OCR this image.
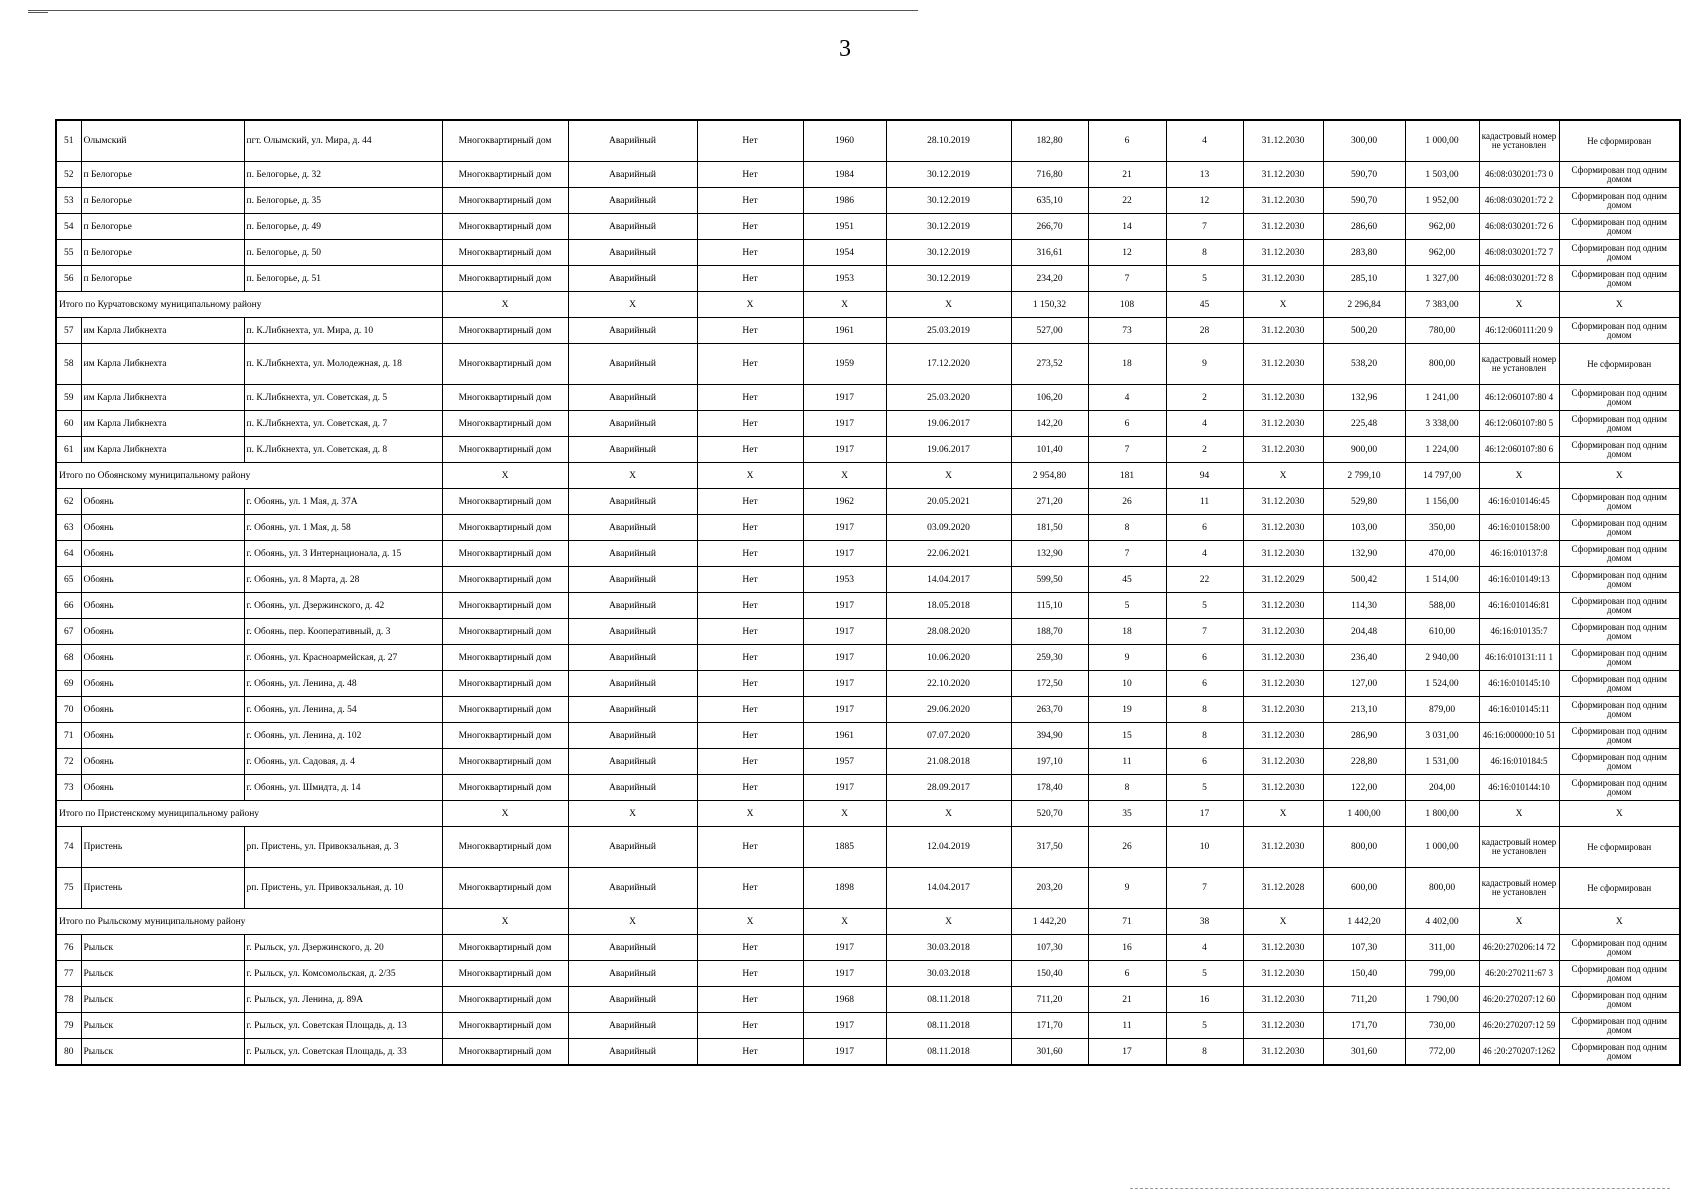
3
51	Олымский	пгт. Олымский, ул. Мира, д. 44	Многоквартирный дом	Аварийный	Нет	1960	28.10.2019	182,80	6	4	31.12.2030	300,00	1 000,00	кадастровый номер не установлен	Не сформирован
52	п Белогорье	п. Белогорье, д. 32	Многоквартирный дом	Аварийный	Нет	1984	30.12.2019	716,80	21	13	31.12.2030	590,70	1 503,00	46:08:030201:73 0	Сформирован под одним домом
53	п Белогорье	п. Белогорье, д. 35	Многоквартирный дом	Аварийный	Нет	1986	30.12.2019	635,10	22	12	31.12.2030	590,70	1 952,00	46:08:030201:72 2	Сформирован под одним домом
54	п Белогорье	п. Белогорье, д. 49	Многоквартирный дом	Аварийный	Нет	1951	30.12.2019	266,70	14	7	31.12.2030	286,60	962,00	46:08:030201:72 6	Сформирован под одним домом
55	п Белогорье	п. Белогорье, д. 50	Многоквартирный дом	Аварийный	Нет	1954	30.12.2019	316,61	12	8	31.12.2030	283,80	962,00	46:08:030201:72 7	Сформирован под одним домом
56	п Белогорье	п. Белогорье, д. 51	Многоквартирный дом	Аварийный	Нет	1953	30.12.2019	234,20	7	5	31.12.2030	285,10	1 327,00	46:08:030201:72 8	Сформирован под одним домом
Итого по Курчатовскому муниципальному району			X	X	X	X	X	1 150,32	108	45	X	2 296,84	7 383,00	X	X
57	им Карла Либкнехта	п. К.Либкнехта, ул. Мира, д. 10	Многоквартирный дом	Аварийный	Нет	1961	25.03.2019	527,00	73	28	31.12.2030	500,20	780,00	46:12:060111:20 9	Сформирован под одним домом
58	им Карла Либкнехта	п. К.Либкнехта, ул. Молодежная, д. 18	Многоквартирный дом	Аварийный	Нет	1959	17.12.2020	273,52	18	9	31.12.2030	538,20	800,00	кадастровый номер не установлен	Не сформирован
59	им Карла Либкнехта	п. К.Либкнехта, ул. Советская, д. 5	Многоквартирный дом	Аварийный	Нет	1917	25.03.2020	106,20	4	2	31.12.2030	132,96	1 241,00	46:12:060107:80 4	Сформирован под одним домом
60	им Карла Либкнехта	п. К.Либкнехта, ул. Советская, д. 7	Многоквартирный дом	Аварийный	Нет	1917	19.06.2017	142,20	6	4	31.12.2030	225,48	3 338,00	46:12:060107:80 5	Сформирован под одним домом
61	им Карла Либкнехта	п. К.Либкнехта, ул. Советская, д. 8	Многоквартирный дом	Аварийный	Нет	1917	19.06.2017	101,40	7	2	31.12.2030	900,00	1 224,00	46:12:060107:80 6	Сформирован под одним домом
Итого по Обоянскому муниципальному району			X	X	X	X	X	2 954,80	181	94	X	2 799,10	14 797,00	X	X
62	Обоянь	г. Обоянь, ул. 1 Мая, д. 37А	Многоквартирный дом	Аварийный	Нет	1962	20.05.2021	271,20	26	11	31.12.2030	529,80	1 156,00	46:16:010146:45	Сформирован под одним домом
63	Обоянь	г. Обоянь, ул. 1 Мая, д. 58	Многоквартирный дом	Аварийный	Нет	1917	03.09.2020	181,50	8	6	31.12.2030	103,00	350,00	46:16:010158:00	Сформирован под одним домом
64	Обоянь	г. Обоянь, ул. 3 Интернационала, д. 15	Многоквартирный дом	Аварийный	Нет	1917	22.06.2021	132,90	7	4	31.12.2030	132,90	470,00	46:16:010137:8	Сформирован под одним домом
65	Обоянь	г. Обоянь, ул. 8 Марта, д. 28	Многоквартирный дом	Аварийный	Нет	1953	14.04.2017	599,50	45	22	31.12.2029	500,42	1 514,00	46:16:010149:13	Сформирован под одним домом
66	Обоянь	г. Обоянь, ул. Дзержинского, д. 42	Многоквартирный дом	Аварийный	Нет	1917	18.05.2018	115,10	5	5	31.12.2030	114,30	588,00	46:16:010146:81	Сформирован под одним домом
67	Обоянь	г. Обоянь, пер. Кооперативный, д. 3	Многоквартирный дом	Аварийный	Нет	1917	28.08.2020	188,70	18	7	31.12.2030	204,48	610,00	46:16:010135:7	Сформирован под одним домом
68	Обоянь	г. Обоянь, ул. Красноармейская, д. 27	Многоквартирный дом	Аварийный	Нет	1917	10.06.2020	259,30	9	6	31.12.2030	236,40	2 940,00	46:16:010131:11 1	Сформирован под одним домом
69	Обоянь	г. Обоянь, ул. Ленина, д. 48	Многоквартирный дом	Аварийный	Нет	1917	22.10.2020	172,50	10	6	31.12.2030	127,00	1 524,00	46:16:010145:10	Сформирован под одним домом
70	Обоянь	г. Обоянь, ул. Ленина, д. 54	Многоквартирный дом	Аварийный	Нет	1917	29.06.2020	263,70	19	8	31.12.2030	213,10	879,00	46:16:010145:11	Сформирован под одним домом
71	Обоянь	г. Обоянь, ул. Ленина, д. 102	Многоквартирный дом	Аварийный	Нет	1961	07.07.2020	394,90	15	8	31.12.2030	286,90	3 031,00	46:16:000000:10 51	Сформирован под одним домом
72	Обоянь	г. Обоянь, ул. Садовая, д. 4	Многоквартирный дом	Аварийный	Нет	1957	21.08.2018	197,10	11	6	31.12.2030	228,80	1 531,00	46:16:010184:5	Сформирован под одним домом
73	Обоянь	г. Обоянь, ул. Шмидта, д. 14	Многоквартирный дом	Аварийный	Нет	1917	28.09.2017	178,40	8	5	31.12.2030	122,00	204,00	46:16:010144:10	Сформирован под одним домом
Итого по Пристенскому муниципальному району			X	X	X	X	X	520,70	35	17	X	1 400,00	1 800,00	X	X
74	Пристень	рп. Пристень, ул. Привокзальная, д. 3	Многоквартирный дом	Аварийный	Нет	1885	12.04.2019	317,50	26	10	31.12.2030	800,00	1 000,00	кадастровый номер не установлен	Не сформирован
75	Пристень	рп. Пристень, ул. Привокзальная, д. 10	Многоквартирный дом	Аварийный	Нет	1898	14.04.2017	203,20	9	7	31.12.2028	600,00	800,00	кадастровый номер не установлен	Не сформирован
Итого по Рыльскому муниципальному району			X	X	X	X	X	1 442,20	71	38	X	1 442,20	4 402,00	X	X
76	Рыльск	г. Рыльск, ул. Дзержинского, д. 20	Многоквартирный дом	Аварийный	Нет	1917	30.03.2018	107,30	16	4	31.12.2030	107,30	311,00	46:20:270206:14 72	Сформирован под одним домом
77	Рыльск	г. Рыльск, ул. Комсомольская, д. 2/35	Многоквартирный дом	Аварийный	Нет	1917	30.03.2018	150,40	6	5	31.12.2030	150,40	799,00	46:20:270211:67 3	Сформирован под одним домом
78	Рыльск	г. Рыльск, ул. Ленина, д. 89А	Многоквартирный дом	Аварийный	Нет	1968	08.11.2018	711,20	21	16	31.12.2030	711,20	1 790,00	46:20:270207:12 60	Сформирован под одним домом
79	Рыльск	г. Рыльск, ул. Советская Площадь, д. 13	Многоквартирный дом	Аварийный	Нет	1917	08.11.2018	171,70	11	5	31.12.2030	171,70	730,00	46:20:270207:12 59	Сформирован под одним домом
80	Рыльск	г. Рыльск, ул. Советская Площадь, д. 33	Многоквартирный дом	Аварийный	Нет	1917	08.11.2018	301,60	17	8	31.12.2030	301,60	772,00	46 :20:270207:1262	Сформирован под одним домом
